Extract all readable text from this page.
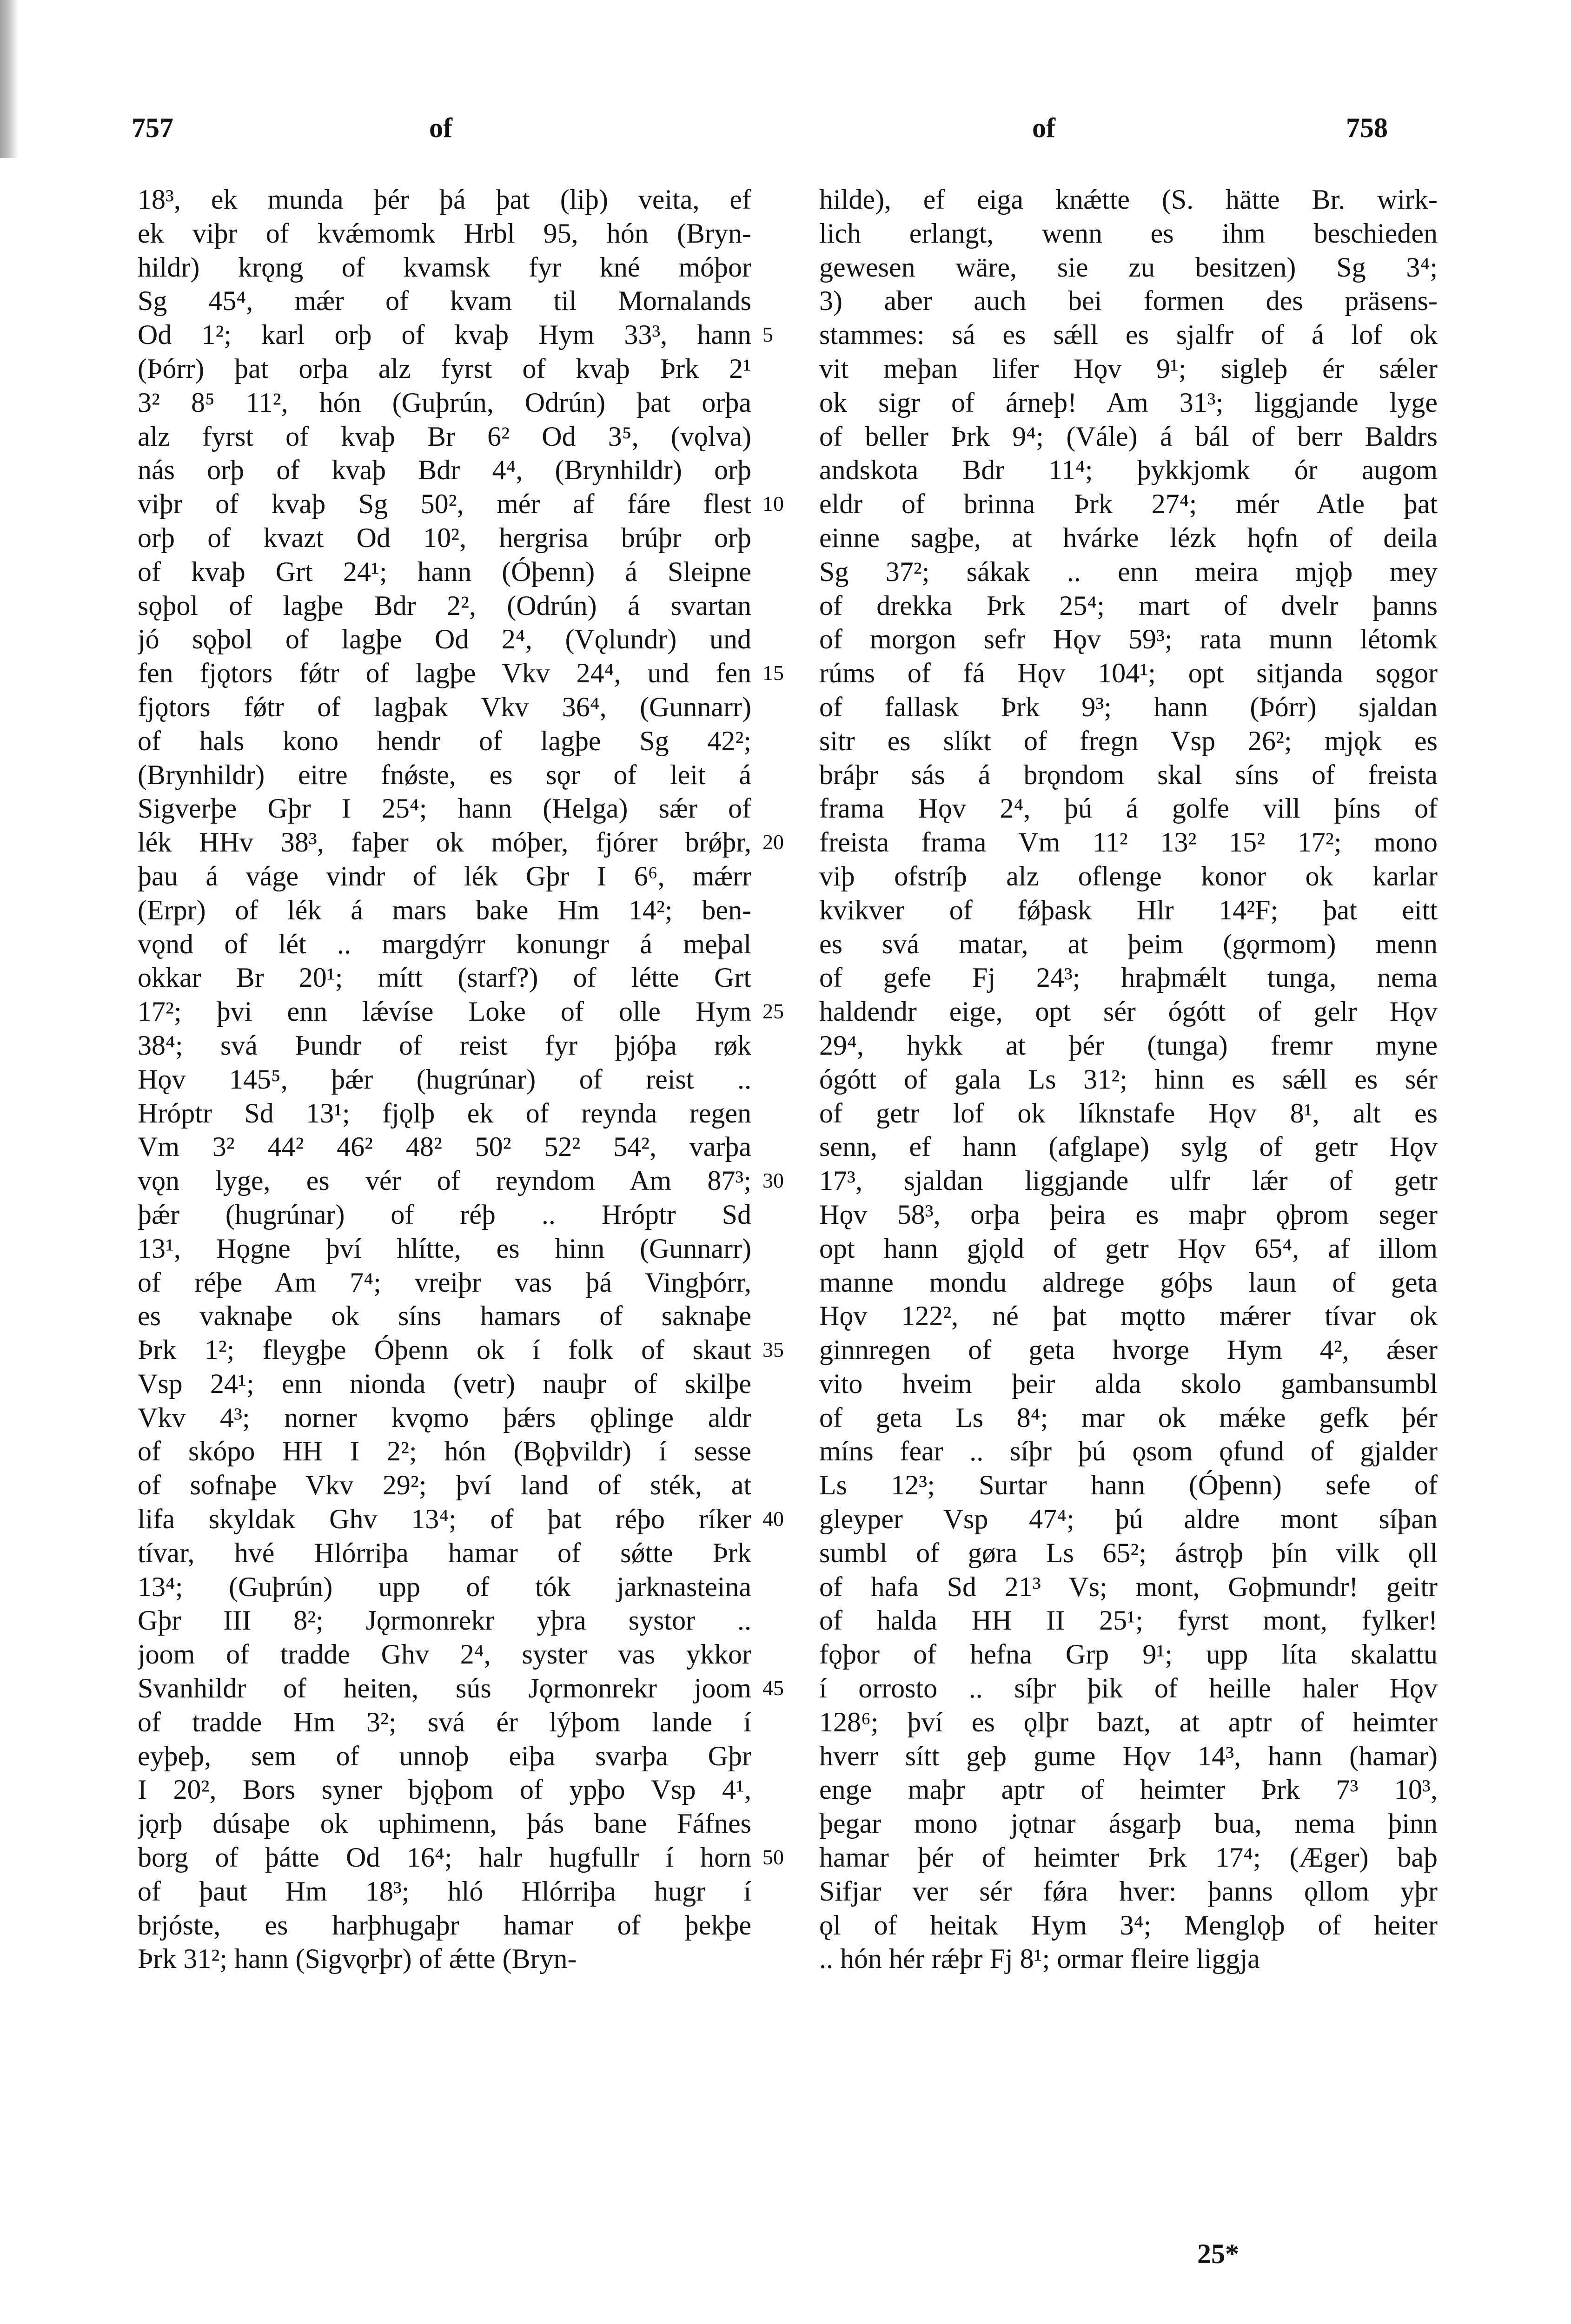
757	of	of	758
18³, ek munda þér þá þat (liþ) veita, ef
ek viþr of kvǽmomk Hrbl 95, hón (Bryn-
hildr) krǫng of kvamsk fyr kné móþor
Sg 45⁴, mǽr of kvam til Mornalands
Od 1²; karl orþ of kvaþ Hym 33³, hann
(Þórr) þat orþa alz fyrst of kvaþ Þrk 2¹
3² 8⁵ 11², hón (Guþrún, Odrún) þat orþa
alz fyrst of kvaþ Br 6² Od 3⁵, (vǫlva)
nás orþ of kvaþ Bdr 4⁴, (Brynhildr) orþ
viþr of kvaþ Sg 50², mér af fáre flest
orþ of kvazt Od 10², hergrisa brúþr orþ
of kvaþ Grt 24¹; hann (Óþenn) á Sleipne
sǫþol of lagþe Bdr 2², (Odrún) á svartan
jó sǫþol of lagþe Od 2⁴, (Vǫlundr) und
fen fjǫtors fǿtr of lagþe Vkv 24⁴, und fen
fjǫtors fǿtr of lagþak Vkv 36⁴, (Gunnarr)
of hals kono hendr of lagþe Sg 42²;
(Brynhildr) eitre fnǿste, es sǫr of leit á
Sigverþe Gþr I 25⁴; hann (Helga) sǽr of
lék HHv 38³, faþer ok móþer, fjórer brǿþr,
þau á váge vindr of lék Gþr I 6⁶, mǽrr
(Erpr) of lék á mars bake Hm 14²; ben-
vǫnd of lét .. margdýrr konungr á meþal
okkar Br 20¹; mítt (starf?) of létte Grt
17²; þvi enn lǽvíse Loke of olle Hym
38⁴; svá Þundr of reist fyr þjóþa røk
Hǫv 145⁵, þǽr (hugrúnar) of reist ..
Hróptr Sd 13¹; fjǫlþ ek of reynda regen
Vm 3² 44² 46² 48² 50² 52² 54², varþa
vǫn lyge, es vér of reyndom Am 87³;
þǽr (hugrúnar) of réþ .. Hróptr Sd
13¹, Hǫgne því hlítte, es hinn (Gunnarr)
of réþe Am 7⁴; vreiþr vas þá Vingþórr,
es vaknaþe ok síns hamars of saknaþe
Þrk 1²; fleygþe Óþenn ok í folk of skaut
Vsp 24¹; enn nionda (vetr) nauþr of skilþe
Vkv 4³; norner kvǫmo þǽrs ǫþlinge aldr
of skópo HH I 2²; hón (Bǫþvildr) í sesse
of sofnaþe Vkv 29²; því land of sték, at
lifa skyldak Ghv 13⁴; of þat réþo ríker
tívar, hvé Hlórriþa hamar of sǿtte Þrk
13⁴; (Guþrún) upp of tók jarknasteina
Gþr III 8²; Jǫrmonrekr yþra systor ..
joom of tradde Ghv 2⁴, syster vas ykkor
Svanhildr of heiten, sús Jǫrmonrekr joom
of tradde Hm 3²; svá ér lýþom lande í
eyþeþ, sem of unnoþ eiþa svarþa Gþr
I 20², Bors syner bjǫþom of ypþo Vsp 4¹,
jǫrþ dúsaþe ok uphimenn, þás bane Fáfnes
borg of þátte Od 16⁴; halr hugfullr í horn
of þaut Hm 18³; hló Hlórriþa hugr í
brjóste, es harþhugaþr hamar of þekþe
Þrk 31²; hann (Sigvǫrþr) of ǽtte (Bryn-
5
10
15
20
25
30
35
40
45
50
hilde), ef eiga knǽtte (S. hätte Br. wirk-
lich erlangt, wenn es ihm beschieden
gewesen wäre, sie zu besitzen) Sg 3⁴;
3) aber auch bei formen des präsens-
stammes: sá es sǽll es sjalfr of á lof ok
vit meþan lifer Hǫv 9¹; sigleþ ér sǽler
ok sigr of árneþ! Am 31³; liggjande lyge
of beller Þrk 9⁴; (Vále) á bál of berr Baldrs
andskota Bdr 11⁴; þykkjomk ór augom
eldr of brinna Þrk 27⁴; mér Atle þat
einne sagþe, at hvárke lézk hǫfn of deila
Sg 37²; sákak .. enn meira mjǫþ mey
of drekka Þrk 25⁴; mart of dvelr þanns
of morgon sefr Hǫv 59³; rata munn létomk
rúms of fá Hǫv 104¹; opt sitjanda sǫgor
of fallask Þrk 9³; hann (Þórr) sjaldan
sitr es slíkt of fregn Vsp 26²; mjǫk es
bráþr sás á brǫndom skal síns of freista
frama Hǫv 2⁴, þú á golfe vill þíns of
freista frama Vm 11² 13² 15² 17²; mono
viþ ofstríþ alz oflenge konor ok karlar
kvikver of fǿþask Hlr 14²F; þat eitt
es svá matar, at þeim (gǫrmom) menn
of gefe Fj 24³; hraþmǽlt tunga, nema
haldendr eige, opt sér ógótt of gelr Hǫv
29⁴, hykk at þér (tunga) fremr myne
ógótt of gala Ls 31²; hinn es sǽll es sér
of getr lof ok líknstafe Hǫv 8¹, alt es
senn, ef hann (afglape) sylg of getr Hǫv
17³, sjaldan liggjande ulfr lǽr of getr
Hǫv 58³, orþa þeira es maþr ǫþrom seger
opt hann gjǫld of getr Hǫv 65⁴, af illom
manne mondu aldrege góþs laun of geta
Hǫv 122², né þat mǫtto mǽrer tívar ok
ginnregen of geta hvorge Hym 4², ǽser
vito hveim þeir alda skolo gambansumbl
of geta Ls 8⁴; mar ok mǽke gefk þér
míns fear .. síþr þú ǫsom ǫfund of gjalder
Ls 12³; Surtar hann (Óþenn) sefe of
gleyper Vsp 47⁴; þú aldre mont síþan
sumbl of gøra Ls 65²; ástrǫþ þín vilk ǫll
of hafa Sd 21³ Vs; mont, Goþmundr! geitr
of halda HH II 25¹; fyrst mont, fylker!
fǫþor of hefna Grp 9¹; upp líta skalattu
í orrosto .. síþr þik of heille haler Hǫv
128⁶; því es ǫlþr bazt, at aptr of heimter
hverr sítt geþ gume Hǫv 14³, hann (hamar)
enge maþr aptr of heimter Þrk 7³ 10³,
þegar mono jǫtnar ásgarþ bua, nema þinn
hamar þér of heimter Þrk 17⁴; (Æger) baþ
Sifjar ver sér fǿra hver: þanns ǫllom yþr
ǫl of heitak Hym 3⁴; Menglǫþ of heiter
.. hón hér rǽþr Fj 8¹; ormar fleire liggja
25*
